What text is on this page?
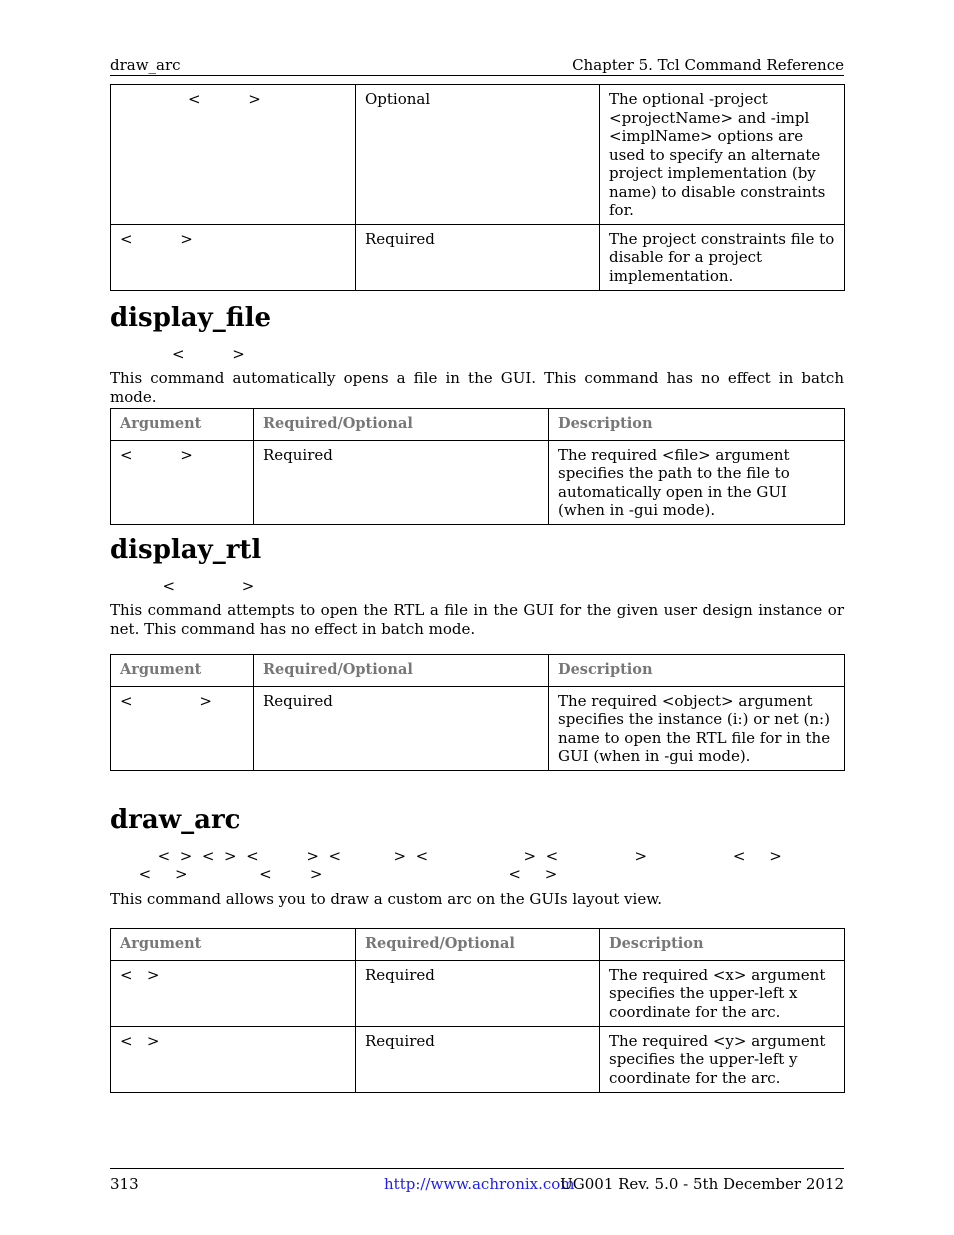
draw_arc	Chapter 5. Tcl Command Reference
<          >	Optional	The optional -project <projectName> and -impl <implName> options are used to specify an alternate project implementation (by name) to disable constraints for.
<          >	Required	The project constraints file to disable for a project implementation.
display_file
<          >
This command automatically opens a file in the GUI. This command has no effect in batch mode.
Argument	Required/Optional	Description
<          >	Required	The required <file> argument specifies the path to the file to automatically open in the GUI (when in -gui mode).
display_rtl
<              >
This command attempts to open the RTL a file in the GUI for the given user design instance or net. This command has no effect in batch mode.
Argument	Required/Optional	Description
<              >	Required	The required <object> argument specifies the instance (i:) or net (n:) name to open the RTL file for in the GUI (when in -gui mode).
draw_arc
<  >  <  >  <          >  <           >  <                    >  <                >                  <     >
<     >               <        >                                       <     >
This command allows you to draw a custom arc on the GUIs layout view.
Argument	Required/Optional	Description
<   >	Required	The required <x> argument specifies the upper-left x coordinate for the arc.
<   >	Required	The required <y> argument specifies the upper-left y coordinate for the arc.
313	http://www.achronix.com
UG001 Rev. 5.0 - 5th December 2012
